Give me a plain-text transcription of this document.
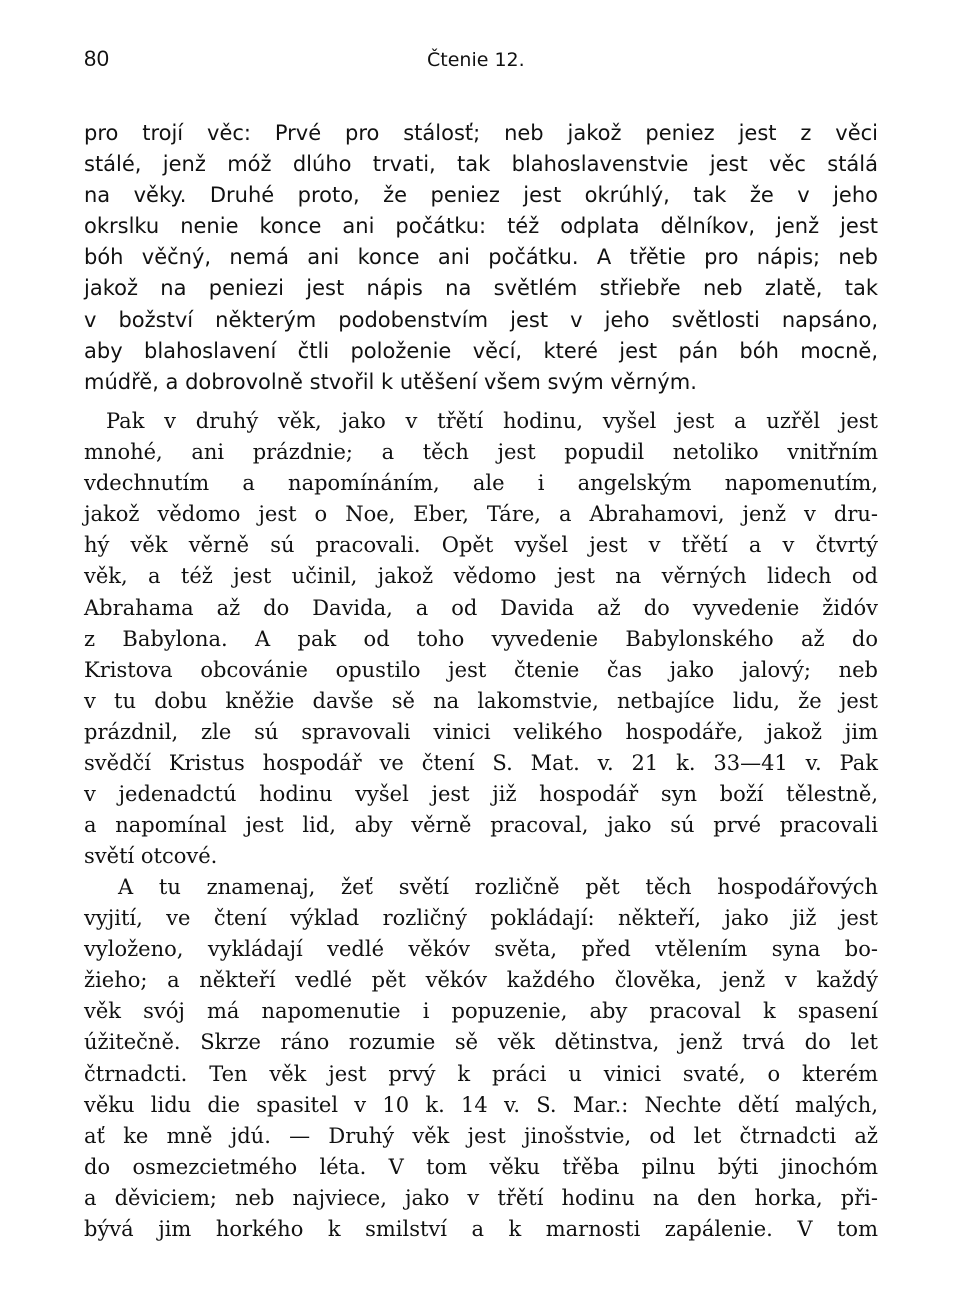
80	Čtenie 12.
pro trojí věc: Prvé pro stálosť; neb jakož peniez jest z věci
stálé, jenž móž dlúho trvati, tak blahoslavenstvie jest věc stálá
na věky. Druhé proto, že peniez jest okrúhlý, tak že v jeho
okrslku nenie konce ani počátku: též odplata dělníkov, jenž jest
bóh věčný, nemá ani konce ani počátku. A třětie pro nápis; neb
jakož na peniezi jest nápis na světlém střiebře neb zlatě, tak
v božství některým podobenstvím jest v jeho světlosti napsáno,
aby blahoslavení čtli položenie věcí, které jest pán bóh mocně,
múdřě, a dobrovolně stvořil k utěšení všem svým věrným.
Pak v druhý věk, jako v třětí hodinu, vyšel jest a uzřěl jest
mnohé, ani prázdnie; a těch jest popudil netoliko vnitřním
vdechnutím a napomínáním, ale i angelským napomenutím,
jakož vědomo jest o Noe, Eber, Táre, a Abrahamovi, jenž v dru-
hý věk věrně sú pracovali. Opět vyšel jest v třětí a v čtvrtý
věk, a též jest učinil, jakož vědomo jest na věrných lidech od
Abrahama až do Davida, a od Davida až do vyvedenie židóv
z Babylona. A pak od toho vyvedenie Babylonského až do
Kristova obcovánie opustilo jest čtenie čas jako jalový; neb
v tu dobu kněžie davše sě na lakomstvie, netbajíce lidu, že jest
prázdnil, zle sú spravovali vinici velikého hospodáře, jakož jim
svědčí Kristus hospodář ve čtení S. Mat. v. 21 k. 33—41 v. Pak
v jedenadctú hodinu vyšel jest již hospodář syn boží tělestně,
a napomínal jest lid, aby věrně pracoval, jako sú prvé pracovali
světí otcové.
A tu znamenaj, žeť světí rozličně pět těch hospodářových
vyjití, ve čtení výklad rozličný pokládají: někteří, jako již jest
vyloženo, vykládají vedlé věkóv světa, před vtělením syna bo-
žieho; a někteří vedlé pět věkóv každého člověka, jenž v každý
věk svój má napomenutie i popuzenie, aby pracoval k spasení
úžitečně. Skrze ráno rozumie sě věk dětinstva, jenž trvá do let
čtrnadcti. Ten věk jest prvý k práci u vinici svaté, o kterém
věku lidu die spasitel v 10 k. 14 v. S. Mar.: Nechte dětí malých,
ať ke mně jdú. — Druhý věk jest jinošstvie, od let čtrnadcti až
do osmezcietmého léta. V tom věku třěba pilnu býti jinochóm
a děviciem; neb najviece, jako v třětí hodinu na den horka, při-
bývá jim horkého k smilství a k marnosti zapálenie. V tom
